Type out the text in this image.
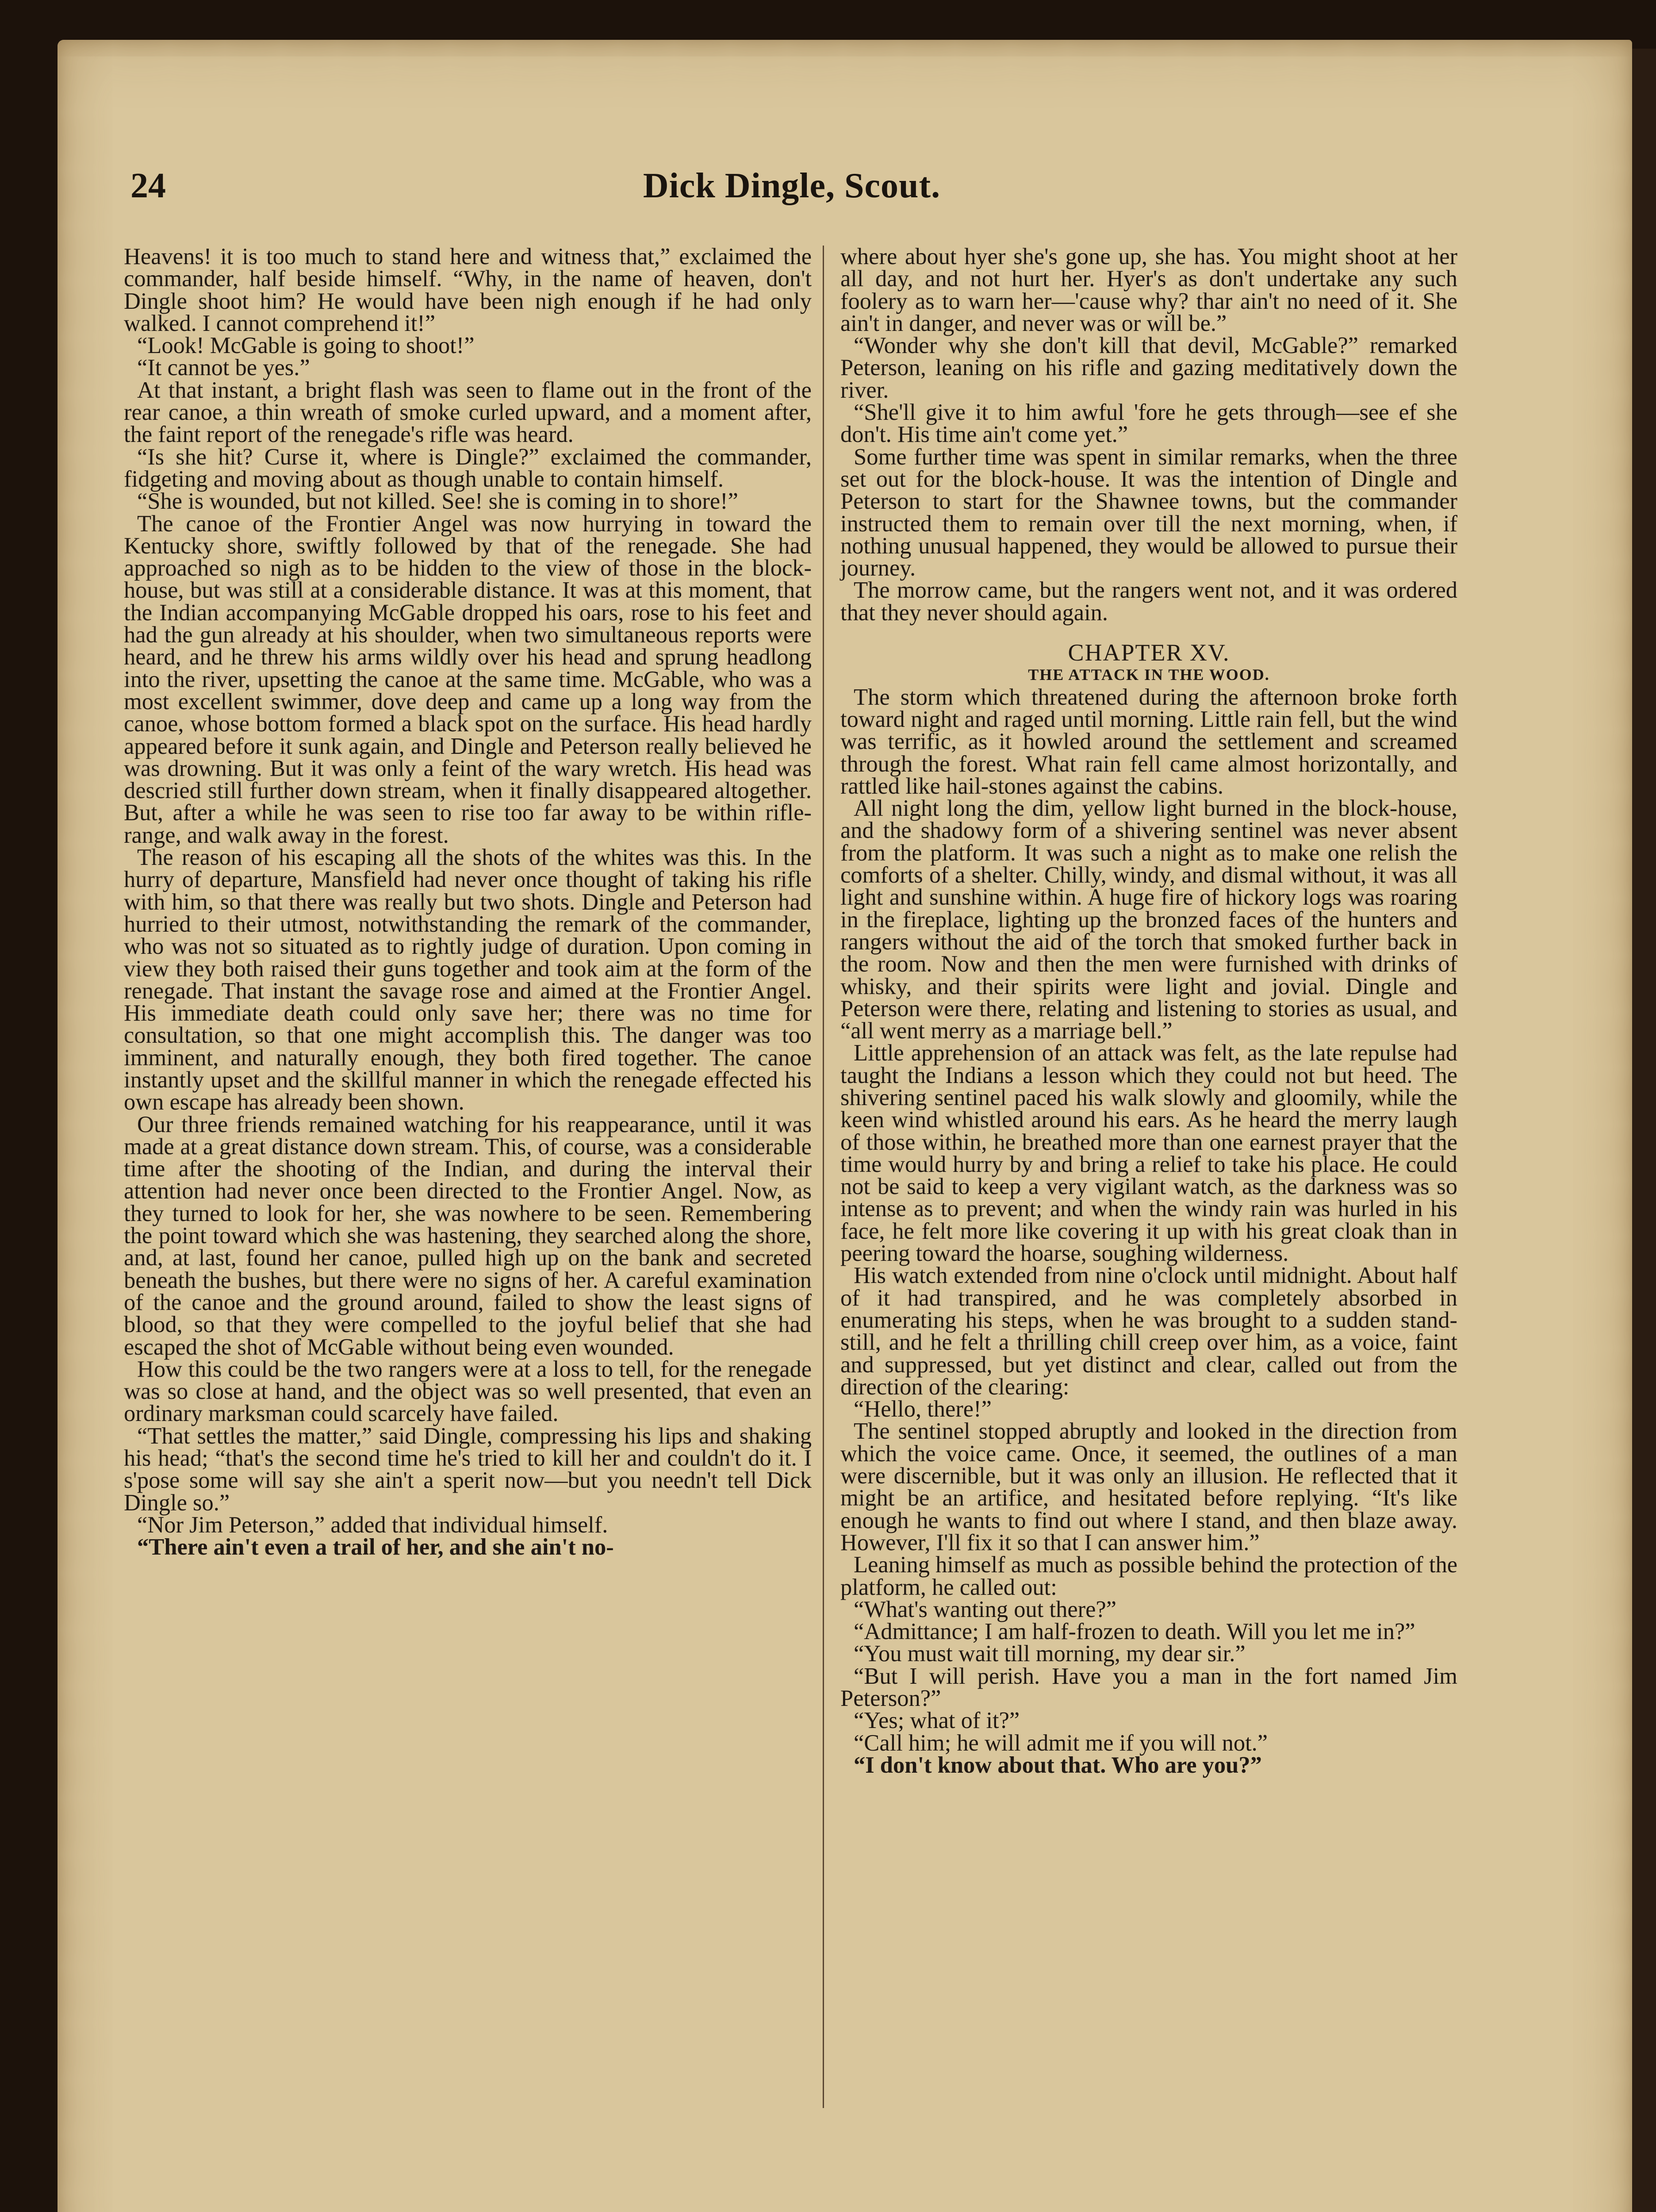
24	Dick Dingle, Scout.

Heavens! it is too much to stand here and witness that,” exclaimed the commander, half beside himself. “Why, in the name of heaven, don't Dingle shoot him? He would have been nigh enough if he had only walked. I cannot comprehend it!”

“Look! McGable is going to shoot!”

“It cannot be yes.”

At that instant, a bright flash was seen to flame out in the front of the rear canoe, a thin wreath of smoke curled upward, and a moment after, the faint report of the renegade's rifle was heard.

“Is she hit? Curse it, where is Dingle?” exclaimed the commander, fidgeting and moving about as though unable to contain himself.

“She is wounded, but not killed. See! she is coming in to shore!”

The canoe of the Frontier Angel was now hurrying in toward the Kentucky shore, swiftly followed by that of the renegade. She had approached so nigh as to be hidden to the view of those in the block-house, but was still at a considerable distance. It was at this moment, that the Indian accompanying McGable dropped his oars, rose to his feet and had the gun already at his shoulder, when two simultaneous reports were heard, and he threw his arms wildly over his head and sprung headlong into the river, upsetting the canoe at the same time. McGable, who was a most excellent swimmer, dove deep and came up a long way from the canoe, whose bottom formed a black spot on the surface. His head hardly appeared before it sunk again, and Dingle and Peterson really believed he was drowning. But it was only a feint of the wary wretch. His head was descried still further down stream, when it finally disappeared altogether. But, after a while he was seen to rise too far away to be within rifle-range, and walk away in the forest.

The reason of his escaping all the shots of the whites was this. In the hurry of departure, Mansfield had never once thought of taking his rifle with him, so that there was really but two shots. Dingle and Peterson had hurried to their utmost, notwithstanding the remark of the commander, who was not so situated as to rightly judge of duration. Upon coming in view they both raised their guns together and took aim at the form of the renegade. That instant the savage rose and aimed at the Frontier Angel. His immediate death could only save her; there was no time for consultation, so that one might accomplish this. The danger was too imminent, and naturally enough, they both fired together. The canoe instantly upset and the skillful manner in which the renegade effected his own escape has already been shown.

Our three friends remained watching for his reappearance, until it was made at a great distance down stream. This, of course, was a considerable time after the shooting of the Indian, and during the interval their attention had never once been directed to the Frontier Angel. Now, as they turned to look for her, she was nowhere to be seen. Remembering the point toward which she was hastening, they searched along the shore, and, at last, found her canoe, pulled high up on the bank and secreted beneath the bushes, but there were no signs of her. A careful examination of the canoe and the ground around, failed to show the least signs of blood, so that they were compelled to the joyful belief that she had escaped the shot of McGable without being even wounded.

How this could be the two rangers were at a loss to tell, for the renegade was so close at hand, and the object was so well presented, that even an ordinary marksman could scarcely have failed.

“That settles the matter,” said Dingle, compressing his lips and shaking his head; “that's the second time he's tried to kill her and couldn't do it. I s'pose some will say she ain't a sperit now—but you needn't tell Dick Dingle so.”

“Nor Jim Peterson,” added that individual himself.

“There ain't even a trail of her, and she ain't no-

where about hyer she's gone up, she has. You might shoot at her all day, and not hurt her. Hyer's as don't undertake any such foolery as to warn her—'cause why? thar ain't no need of it. She ain't in danger, and never was or will be.”

“Wonder why she don't kill that devil, McGable?” remarked Peterson, leaning on his rifle and gazing meditatively down the river.

“She'll give it to him awful 'fore he gets through—see ef she don't. His time ain't come yet.”

Some further time was spent in similar remarks, when the three set out for the block-house. It was the intention of Dingle and Peterson to start for the Shawnee towns, but the commander instructed them to remain over till the next morning, when, if nothing unusual happened, they would be allowed to pursue their journey.

The morrow came, but the rangers went not, and it was ordered that they never should again.

CHAPTER XV.

THE ATTACK IN THE WOOD.

The storm which threatened during the afternoon broke forth toward night and raged until morning. Little rain fell, but the wind was terrific, as it howled around the settlement and screamed through the forest. What rain fell came almost horizontally, and rattled like hail-stones against the cabins.

All night long the dim, yellow light burned in the block-house, and the shadowy form of a shivering sentinel was never absent from the platform. It was such a night as to make one relish the comforts of a shelter. Chilly, windy, and dismal without, it was all light and sunshine within. A huge fire of hickory logs was roaring in the fireplace, lighting up the bronzed faces of the hunters and rangers without the aid of the torch that smoked further back in the room. Now and then the men were furnished with drinks of whisky, and their spirits were light and jovial. Dingle and Peterson were there, relating and listening to stories as usual, and “all went merry as a marriage bell.”

Little apprehension of an attack was felt, as the late repulse had taught the Indians a lesson which they could not but heed. The shivering sentinel paced his walk slowly and gloomily, while the keen wind whistled around his ears. As he heard the merry laugh of those within, he breathed more than one earnest prayer that the time would hurry by and bring a relief to take his place. He could not be said to keep a very vigilant watch, as the darkness was so intense as to prevent; and when the windy rain was hurled in his face, he felt more like covering it up with his great cloak than in peering toward the hoarse, soughing wilderness.

His watch extended from nine o'clock until midnight. About half of it had transpired, and he was completely absorbed in enumerating his steps, when he was brought to a sudden stand-still, and he felt a thrilling chill creep over him, as a voice, faint and suppressed, but yet distinct and clear, called out from the direction of the clearing:

“Hello, there!”

The sentinel stopped abruptly and looked in the direction from which the voice came. Once, it seemed, the outlines of a man were discernible, but it was only an illusion. He reflected that it might be an artifice, and hesitated before replying. “It's like enough he wants to find out where I stand, and then blaze away. However, I'll fix it so that I can answer him.”

Leaning himself as much as possible behind the protection of the platform, he called out:

“What's wanting out there?”

“Admittance; I am half-frozen to death. Will you let me in?”

“You must wait till morning, my dear sir.”

“But I will perish. Have you a man in the fort named Jim Peterson?”

“Yes; what of it?”

“Call him; he will admit me if you will not.”

“I don't know about that. Who are you?”
